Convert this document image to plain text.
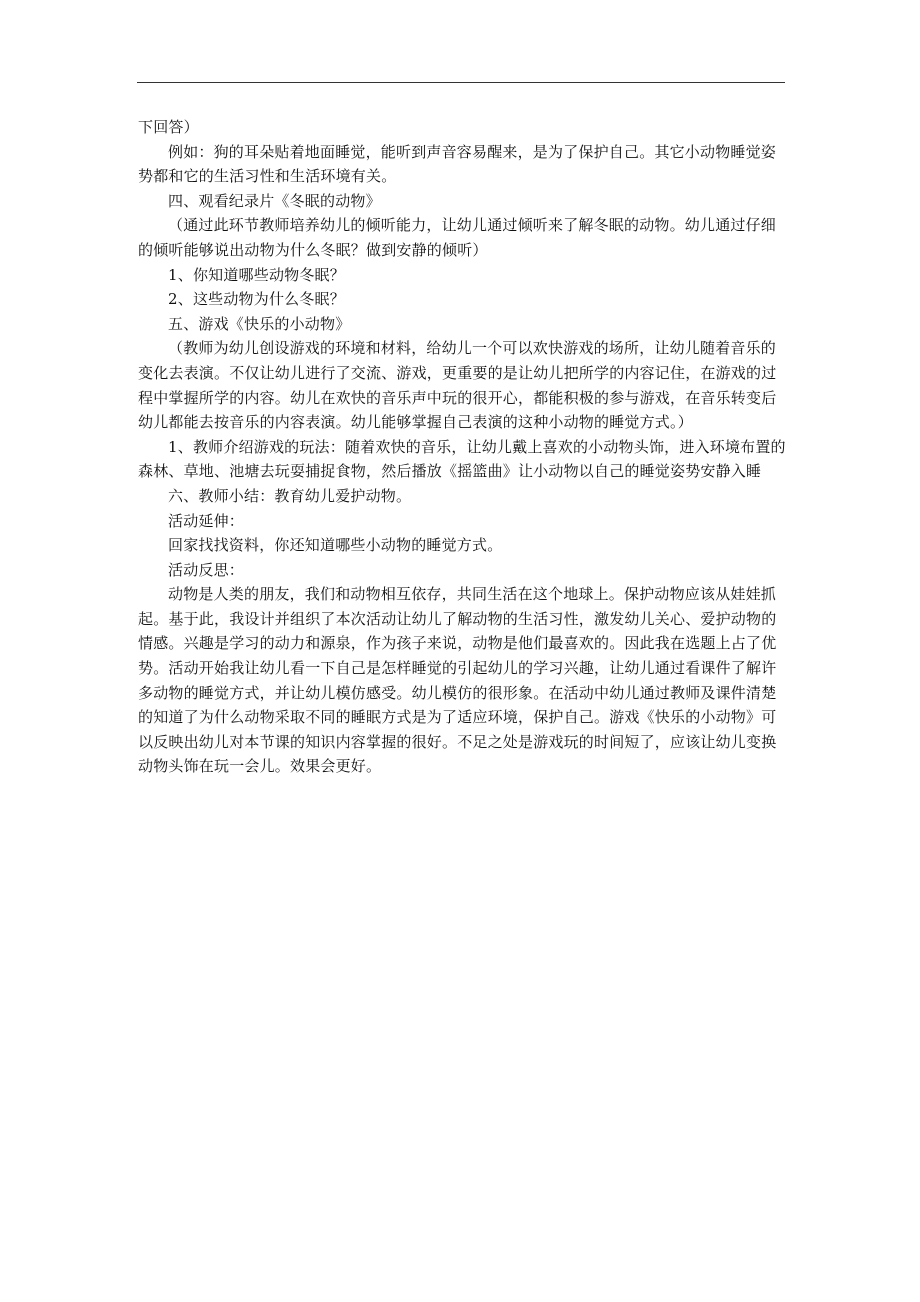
下回答）

例如：狗的耳朵贴着地面睡觉，能听到声音容易醒来，是为了保护自己。其它小动物睡觉姿势都和它的生活习性和生活环境有关。

四、观看纪录片《冬眠的动物》

（通过此环节教师培养幼儿的倾听能力，让幼儿通过倾听来了解冬眠的动物。幼儿通过仔细的倾听能够说出动物为什么冬眠？做到安静的倾听）

1、你知道哪些动物冬眠？

2、这些动物为什么冬眠？

五、游戏《快乐的小动物》

（教师为幼儿创设游戏的环境和材料，给幼儿一个可以欢快游戏的场所，让幼儿随着音乐的变化去表演。不仅让幼儿进行了交流、游戏，更重要的是让幼儿把所学的内容记住，在游戏的过程中掌握所学的内容。幼儿在欢快的音乐声中玩的很开心，都能积极的参与游戏，在音乐转变后幼儿都能去按音乐的内容表演。幼儿能够掌握自己表演的这种小动物的睡觉方式。）

1、教师介绍游戏的玩法：随着欢快的音乐，让幼儿戴上喜欢的小动物头饰，进入环境布置的森林、草地、池塘去玩耍捕捉食物，然后播放《摇篮曲》让小动物以自己的睡觉姿势安静入睡

六、教师小结：教育幼儿爱护动物。

活动延伸：

回家找找资料，你还知道哪些小动物的睡觉方式。

活动反思：

动物是人类的朋友，我们和动物相互依存，共同生活在这个地球上。保护动物应该从娃娃抓起。基于此，我设计并组织了本次活动让幼儿了解动物的生活习性，激发幼儿关心、爱护动物的情感。兴趣是学习的动力和源泉，作为孩子来说，动物是他们最喜欢的。因此我在选题上占了优势。活动开始我让幼儿看一下自己是怎样睡觉的引起幼儿的学习兴趣，让幼儿通过看课件了解许多动物的睡觉方式，并让幼儿模仿感受。幼儿模仿的很形象。在活动中幼儿通过教师及课件清楚的知道了为什么动物采取不同的睡眠方式是为了适应环境，保护自己。游戏《快乐的小动物》可以反映出幼儿对本节课的知识内容掌握的很好。不足之处是游戏玩的时间短了，应该让幼儿变换动物头饰在玩一会儿。效果会更好。
